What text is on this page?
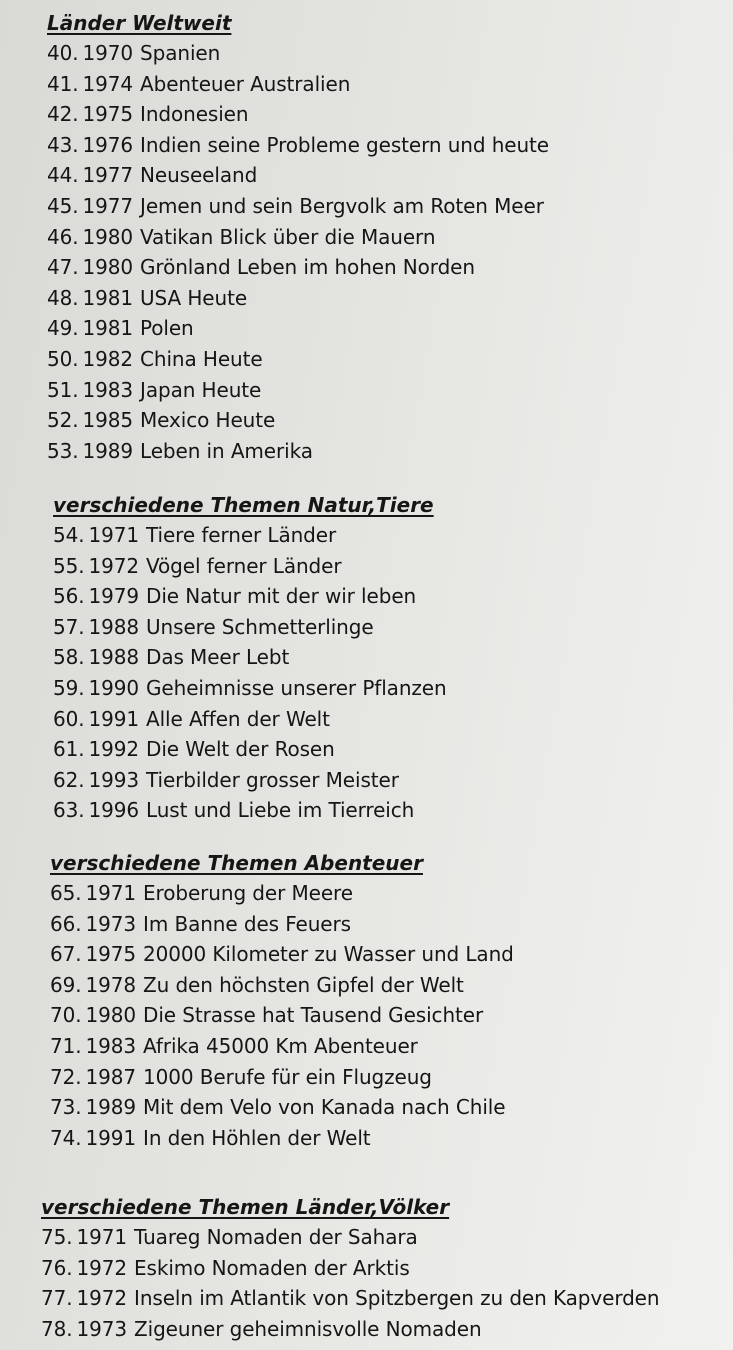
Länder Weltweit
40. 1970 Spanien
41. 1974 Abenteuer Australien
42. 1975 Indonesien
43. 1976 Indien seine Probleme gestern und heute
44. 1977 Neuseeland
45. 1977 Jemen und sein Bergvolk am Roten Meer
46. 1980 Vatikan Blick über die Mauern
47. 1980 Grönland Leben im hohen Norden
48. 1981 USA Heute
49. 1981 Polen
50. 1982 China Heute
51. 1983 Japan Heute
52. 1985 Mexico Heute
53. 1989 Leben in Amerika
verschiedene Themen Natur,Tiere
54. 1971 Tiere ferner Länder
55. 1972 Vögel ferner Länder
56. 1979 Die Natur mit der wir leben
57. 1988 Unsere Schmetterlinge
58. 1988 Das Meer Lebt
59. 1990 Geheimnisse unserer Pflanzen
60. 1991 Alle Affen der Welt
61. 1992 Die Welt der Rosen
62. 1993 Tierbilder grosser Meister
63. 1996 Lust und Liebe im Tierreich
verschiedene Themen Abenteuer
65. 1971 Eroberung der Meere
66. 1973 Im Banne des Feuers
67. 1975 20000 Kilometer zu Wasser und Land
69. 1978 Zu den höchsten Gipfel der Welt
70. 1980 Die Strasse hat Tausend Gesichter
71. 1983 Afrika 45000 Km Abenteuer
72. 1987 1000 Berufe für ein Flugzeug
73. 1989 Mit dem Velo von Kanada nach Chile
74. 1991 In den Höhlen der Welt
verschiedene Themen Länder,Völker
75. 1971 Tuareg Nomaden der Sahara
76. 1972 Eskimo Nomaden der Arktis
77. 1972 Inseln im Atlantik von Spitzbergen zu den Kapverden
78. 1973 Zigeuner geheimnisvolle Nomaden
